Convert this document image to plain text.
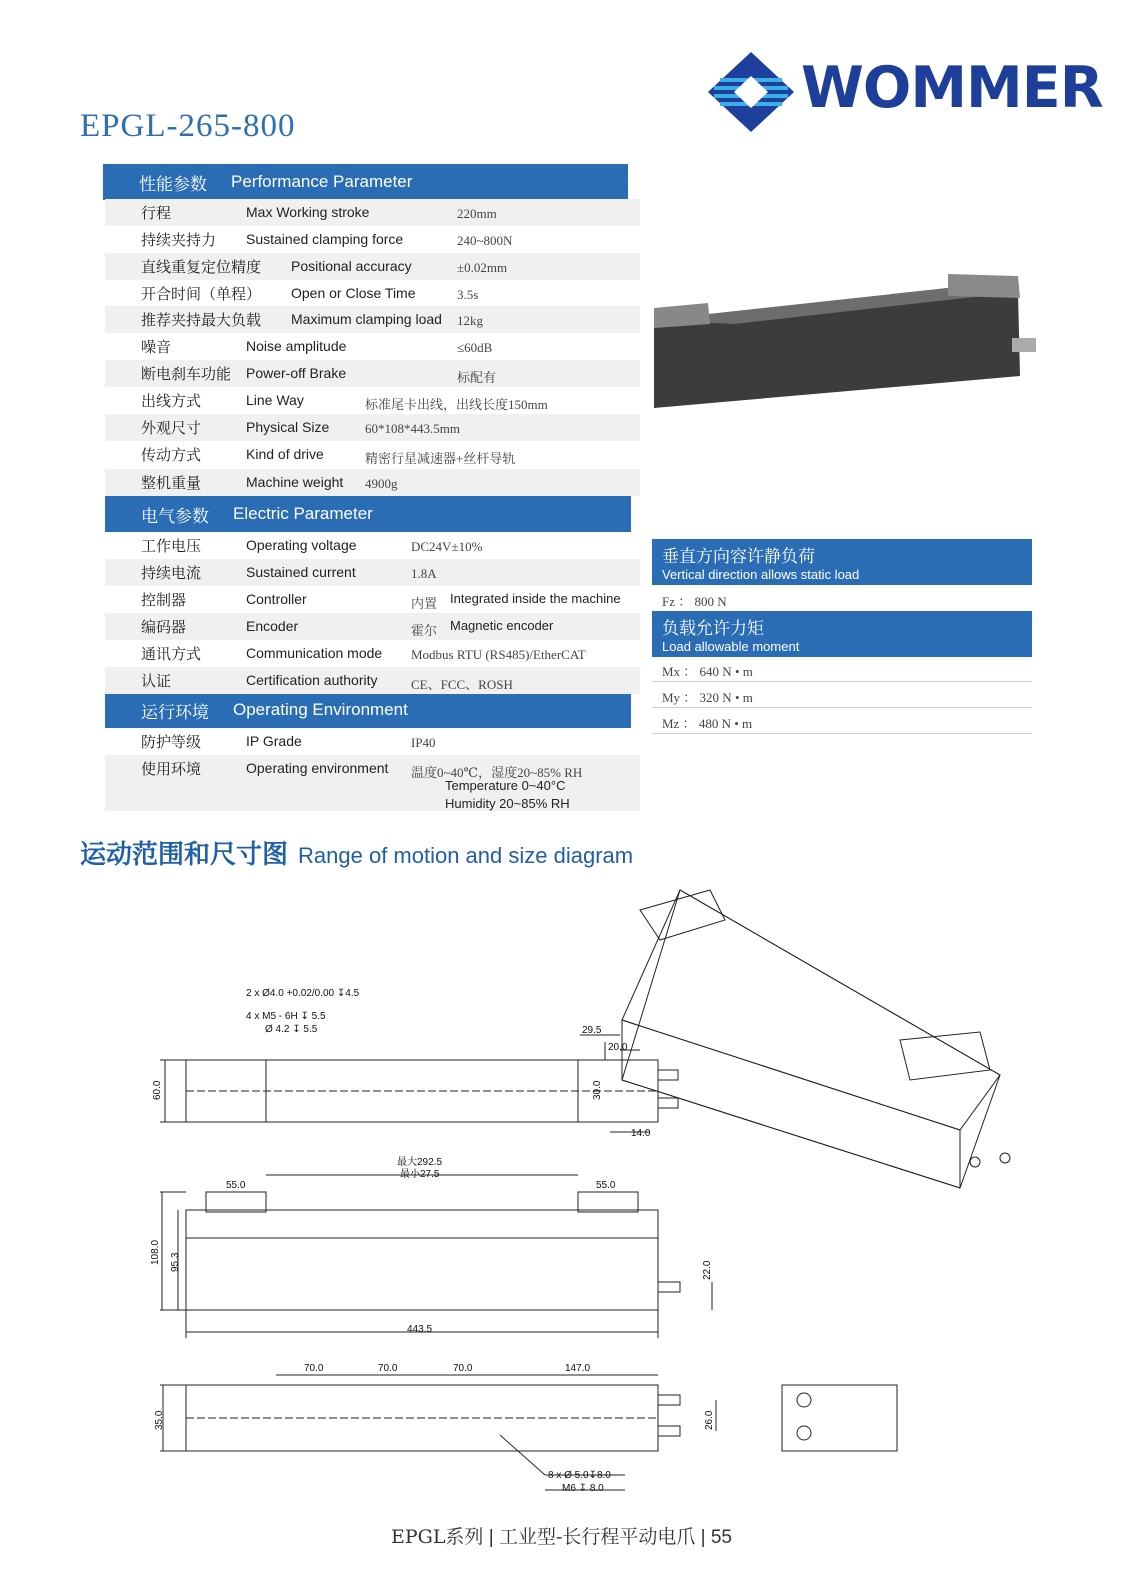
EPGL-265-800
WOMMER
性能参数	Performance Parameter
电气参数	Electric Parameter
运行环境	Operating Environment
行程	Max Working stroke	220mm
持续夹持力 Sustained clamping force	240~800N
直线重复定位精度 Positional accuracy	±0.02mm
开合时间（单程） Open or Close Time	3.5s
推荐夹持最大负载 Maximum clamping load 12kg
噪音	Noise amplitude	≤60dB
断电刹车功能 Power-off Brake	标配有
出线方式	Line Way	标准尾卡出线，出线长度150mm
外观尺寸	Physical Size	60*108*443.5mm
传动方式	Kind of drive	精密行星减速器+丝杆导轨
整机重量	Machine weight 4900g
工作电压	Operating voltage	DC24V±10%
持续电流	Sustained current	1.8A
控制器	Controller	内置 Integrated inside the machine
编码器	Encoder	霍尔 Magnetic encoder
通讯方式	Communication mode Modbus RTU (RS485)/EtherCAT
认证	Certification authority	CE、FCC、ROSH
防护等级	IP Grade	IP40
使用环境	Operating environment 温度0~40℃，湿度20~85% RH
Temperature 0~40°C
Humidity 20~85% RH
垂直方向容许静负荷
Vertical direction allows static load
Fz ： 800 N
负载允许力矩
Load allowable moment
Mx ： 640 N • m
My ： 320 N • m
Mz ： 480 N • m
运动范围和尺寸图 Range of motion and size diagram
2 x Ø4.0 +0.02/0.00 ↧4.5
4 x M5 - 6H ↧ 5.5
Ø 4.2 ↧ 5.5	29.5
20.0
14.0
60.0	30.0
最大292.5
最小27.5
55.0	55.0
108.0 95.3	22.0
443.5
70.0	70.0	70.0	147.0
35.0	26.0
8 x Ø 5.0↧8.0
M6 ↧ 8.0
EPGL系列 | 工业型-长行程平动电爪 | 55
